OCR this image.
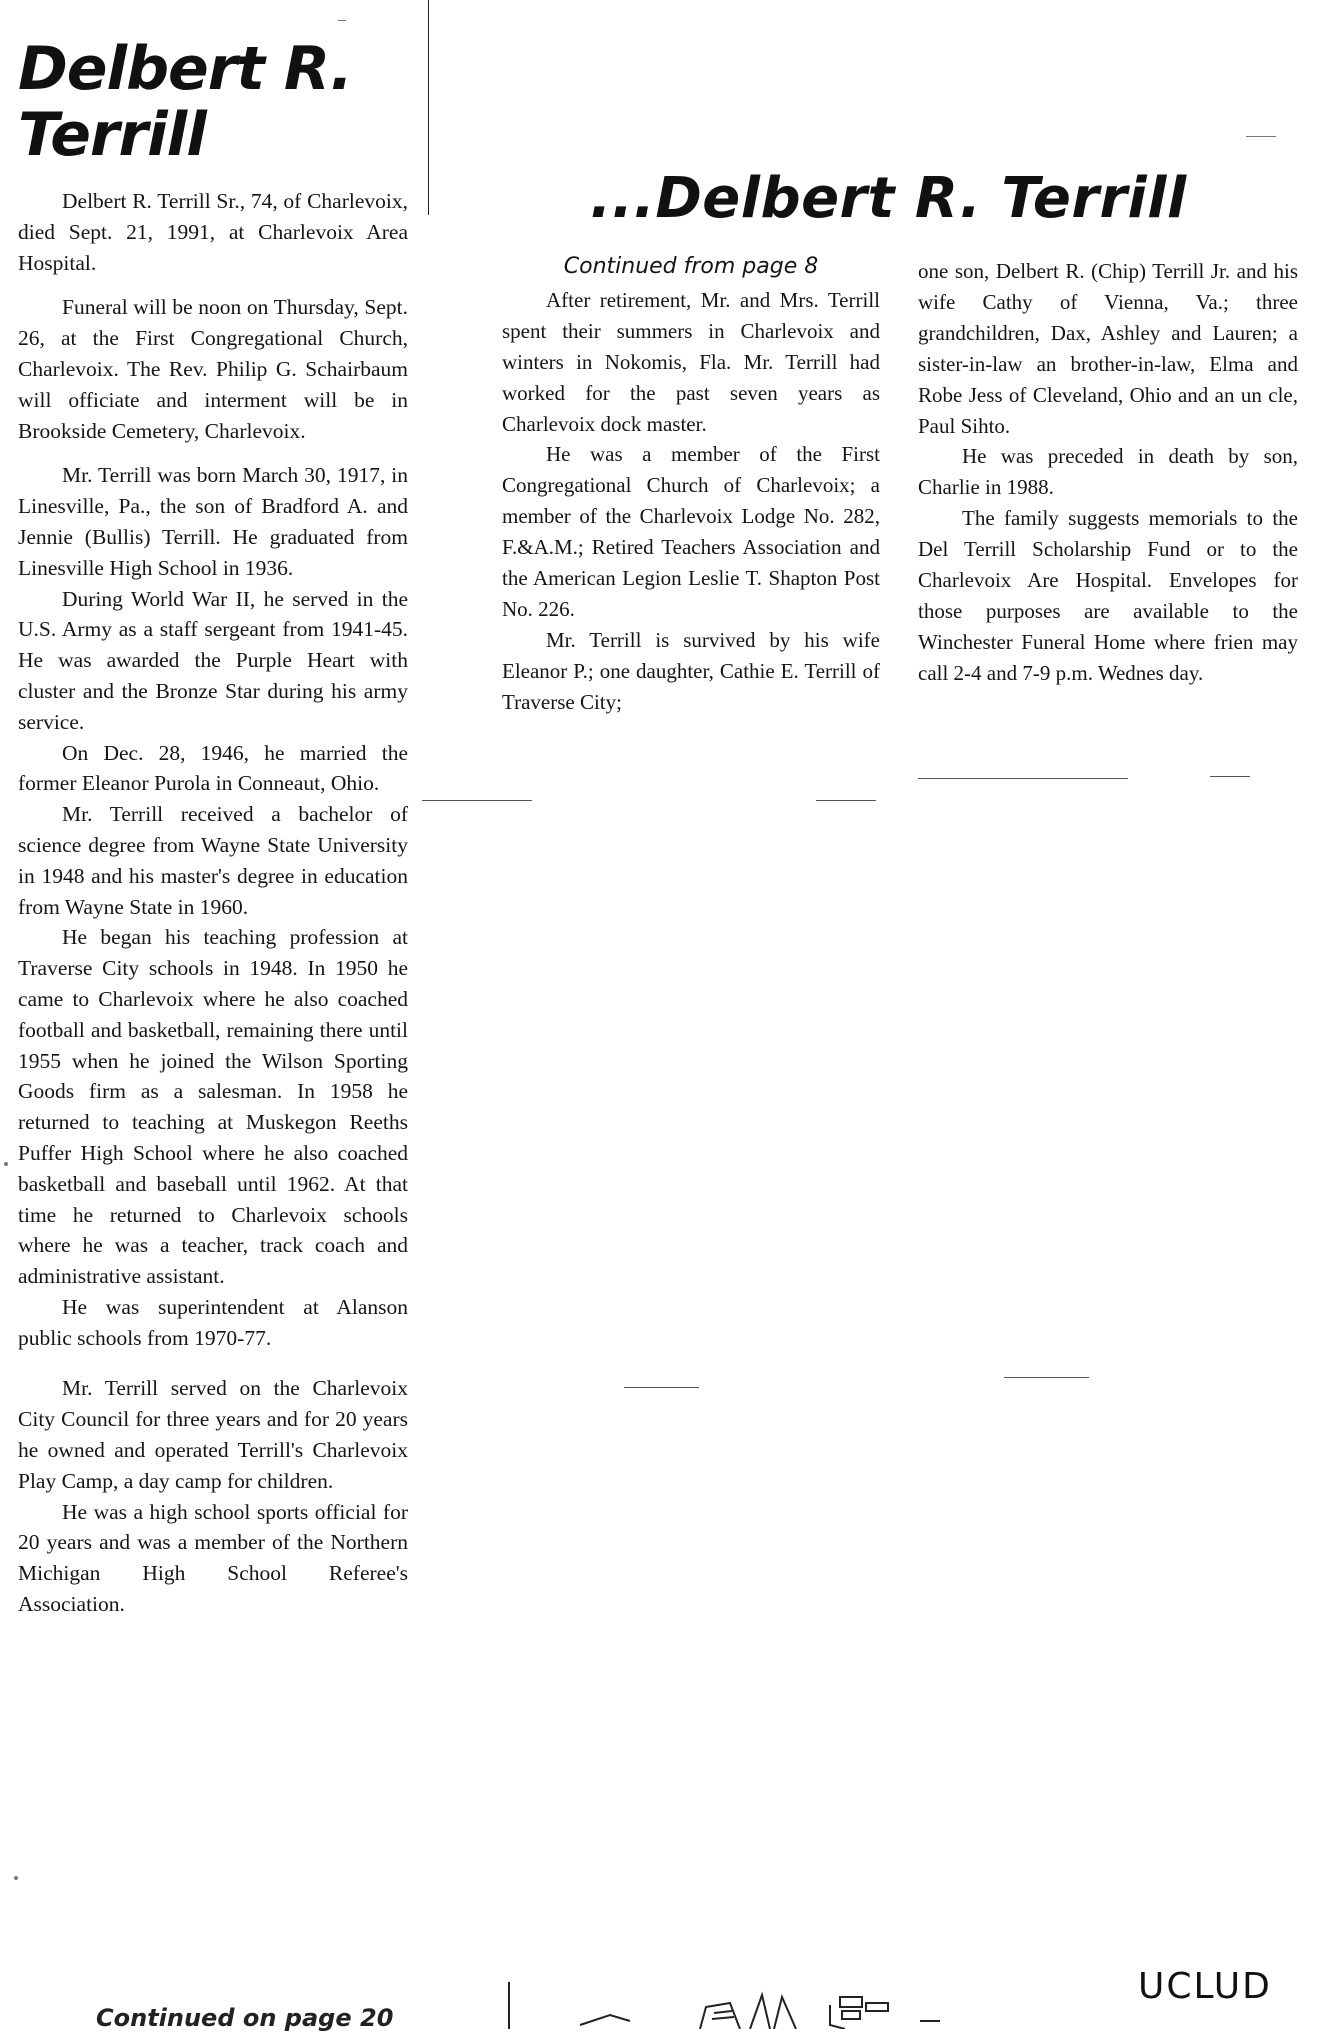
Delbert R. Terrill

Delbert R. Terrill Sr., 74, of Charlevoix, died Sept. 21, 1991, at Charlevoix Area Hospital.

Funeral will be noon on Thursday, Sept. 26, at the First Congregational Church, Charlevoix. The Rev. Philip G. Schairbaum will officiate and interment will be in Brookside Cemetery, Charlevoix.

Mr. Terrill was born March 30, 1917, in Linesville, Pa., the son of Bradford A. and Jennie (Bullis) Terrill. He graduated from Linesville High School in 1936.

During World War II, he served in the U.S. Army as a staff sergeant from 1941-45. He was awarded the Purple Heart with cluster and the Bronze Star during his army service.

On Dec. 28, 1946, he married the former Eleanor Purola in Conneaut, Ohio.

Mr. Terrill received a bachelor of science degree from Wayne State University in 1948 and his master's degree in education from Wayne State in 1960.

He began his teaching profession at Traverse City schools in 1948. In 1950 he came to Charlevoix where he also coached football and basketball, remaining there until 1955 when he joined the Wilson Sporting Goods firm as a salesman. In 1958 he returned to teaching at Muskegon Reeths Puffer High School where he also coached basketball and baseball until 1962. At that time he returned to Charlevoix schools where he was a teacher, track coach and administrative assistant.

He was superintendent at Alanson public schools from 1970-77.

Mr. Terrill served on the Charlevoix City Council for three years and for 20 years he owned and operated Terrill's Charlevoix Play Camp, a day camp for children.

He was a high school sports official for 20 years and was a member of the Northern Michigan High School Referee's Association.

Continued on page 20
...Delbert R. Terrill
Continued from page 8

After retirement, Mr. and Mrs. Terrill spent their summers in Charlevoix and winters in Nokomis, Fla. Mr. Terrill had worked for the past seven years as Charlevoix dock master.

He was a member of the First Congregational Church of Charlevoix; a member of the Charlevoix Lodge No. 282, F.&A.M.; Retired Teachers Association and the American Legion Leslie T. Shapton Post No. 226.

Mr. Terrill is survived by his wife Eleanor P.; one daughter, Cathie E. Terrill of Traverse City;

one son, Delbert R. (Chip) Terrill Jr. and his wife Cathy of Vienna, Va.; three grandchildren, Dax, Ashley and Lauren; a sister-in-law an brother-in-law, Elma and Robe Jess of Cleveland, Ohio and an un cle, Paul Sihto.

He was preceded in death by son, Charlie in 1988.

The family suggests memorials to the Del Terrill Scholarship Fund or to the Charlevoix Are Hospital. Envelopes for those purposes are available to the Winchester Funeral Home where frien may call 2-4 and 7-9 p.m. Wednes day.

UCLUD
